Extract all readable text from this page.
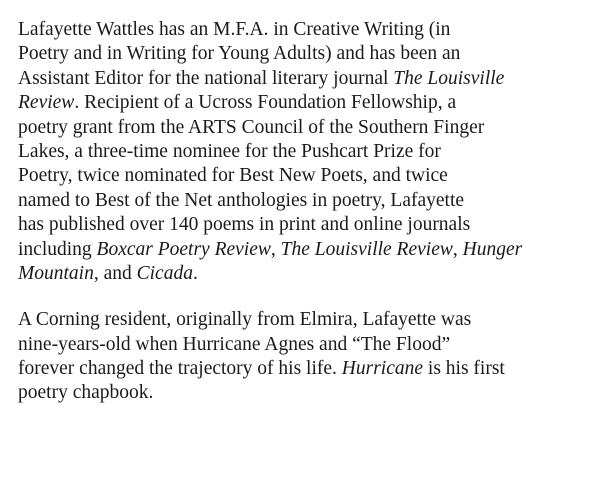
Lafayette Wattles has an M.F.A. in Creative Writing (in
Poetry and in Writing for Young Adults) and has been an
Assistant Editor for the national literary journal The Louisville
Review. Recipient of a Ucross Foundation Fellowship, a
poetry grant from the ARTS Council of the Southern Finger
Lakes, a three-time nominee for the Pushcart Prize for
Poetry, twice nominated for Best New Poets, and twice
named to Best of the Net anthologies in poetry, Lafayette
has published over 140 poems in print and online journals
including Boxcar Poetry Review, The Louisville Review, Hunger
Mountain, and Cicada.
A Corning resident, originally from Elmira, Lafayette was
nine-years-old when Hurricane Agnes and “The Flood”
forever changed the trajectory of his life. Hurricane is his first
poetry chapbook.
